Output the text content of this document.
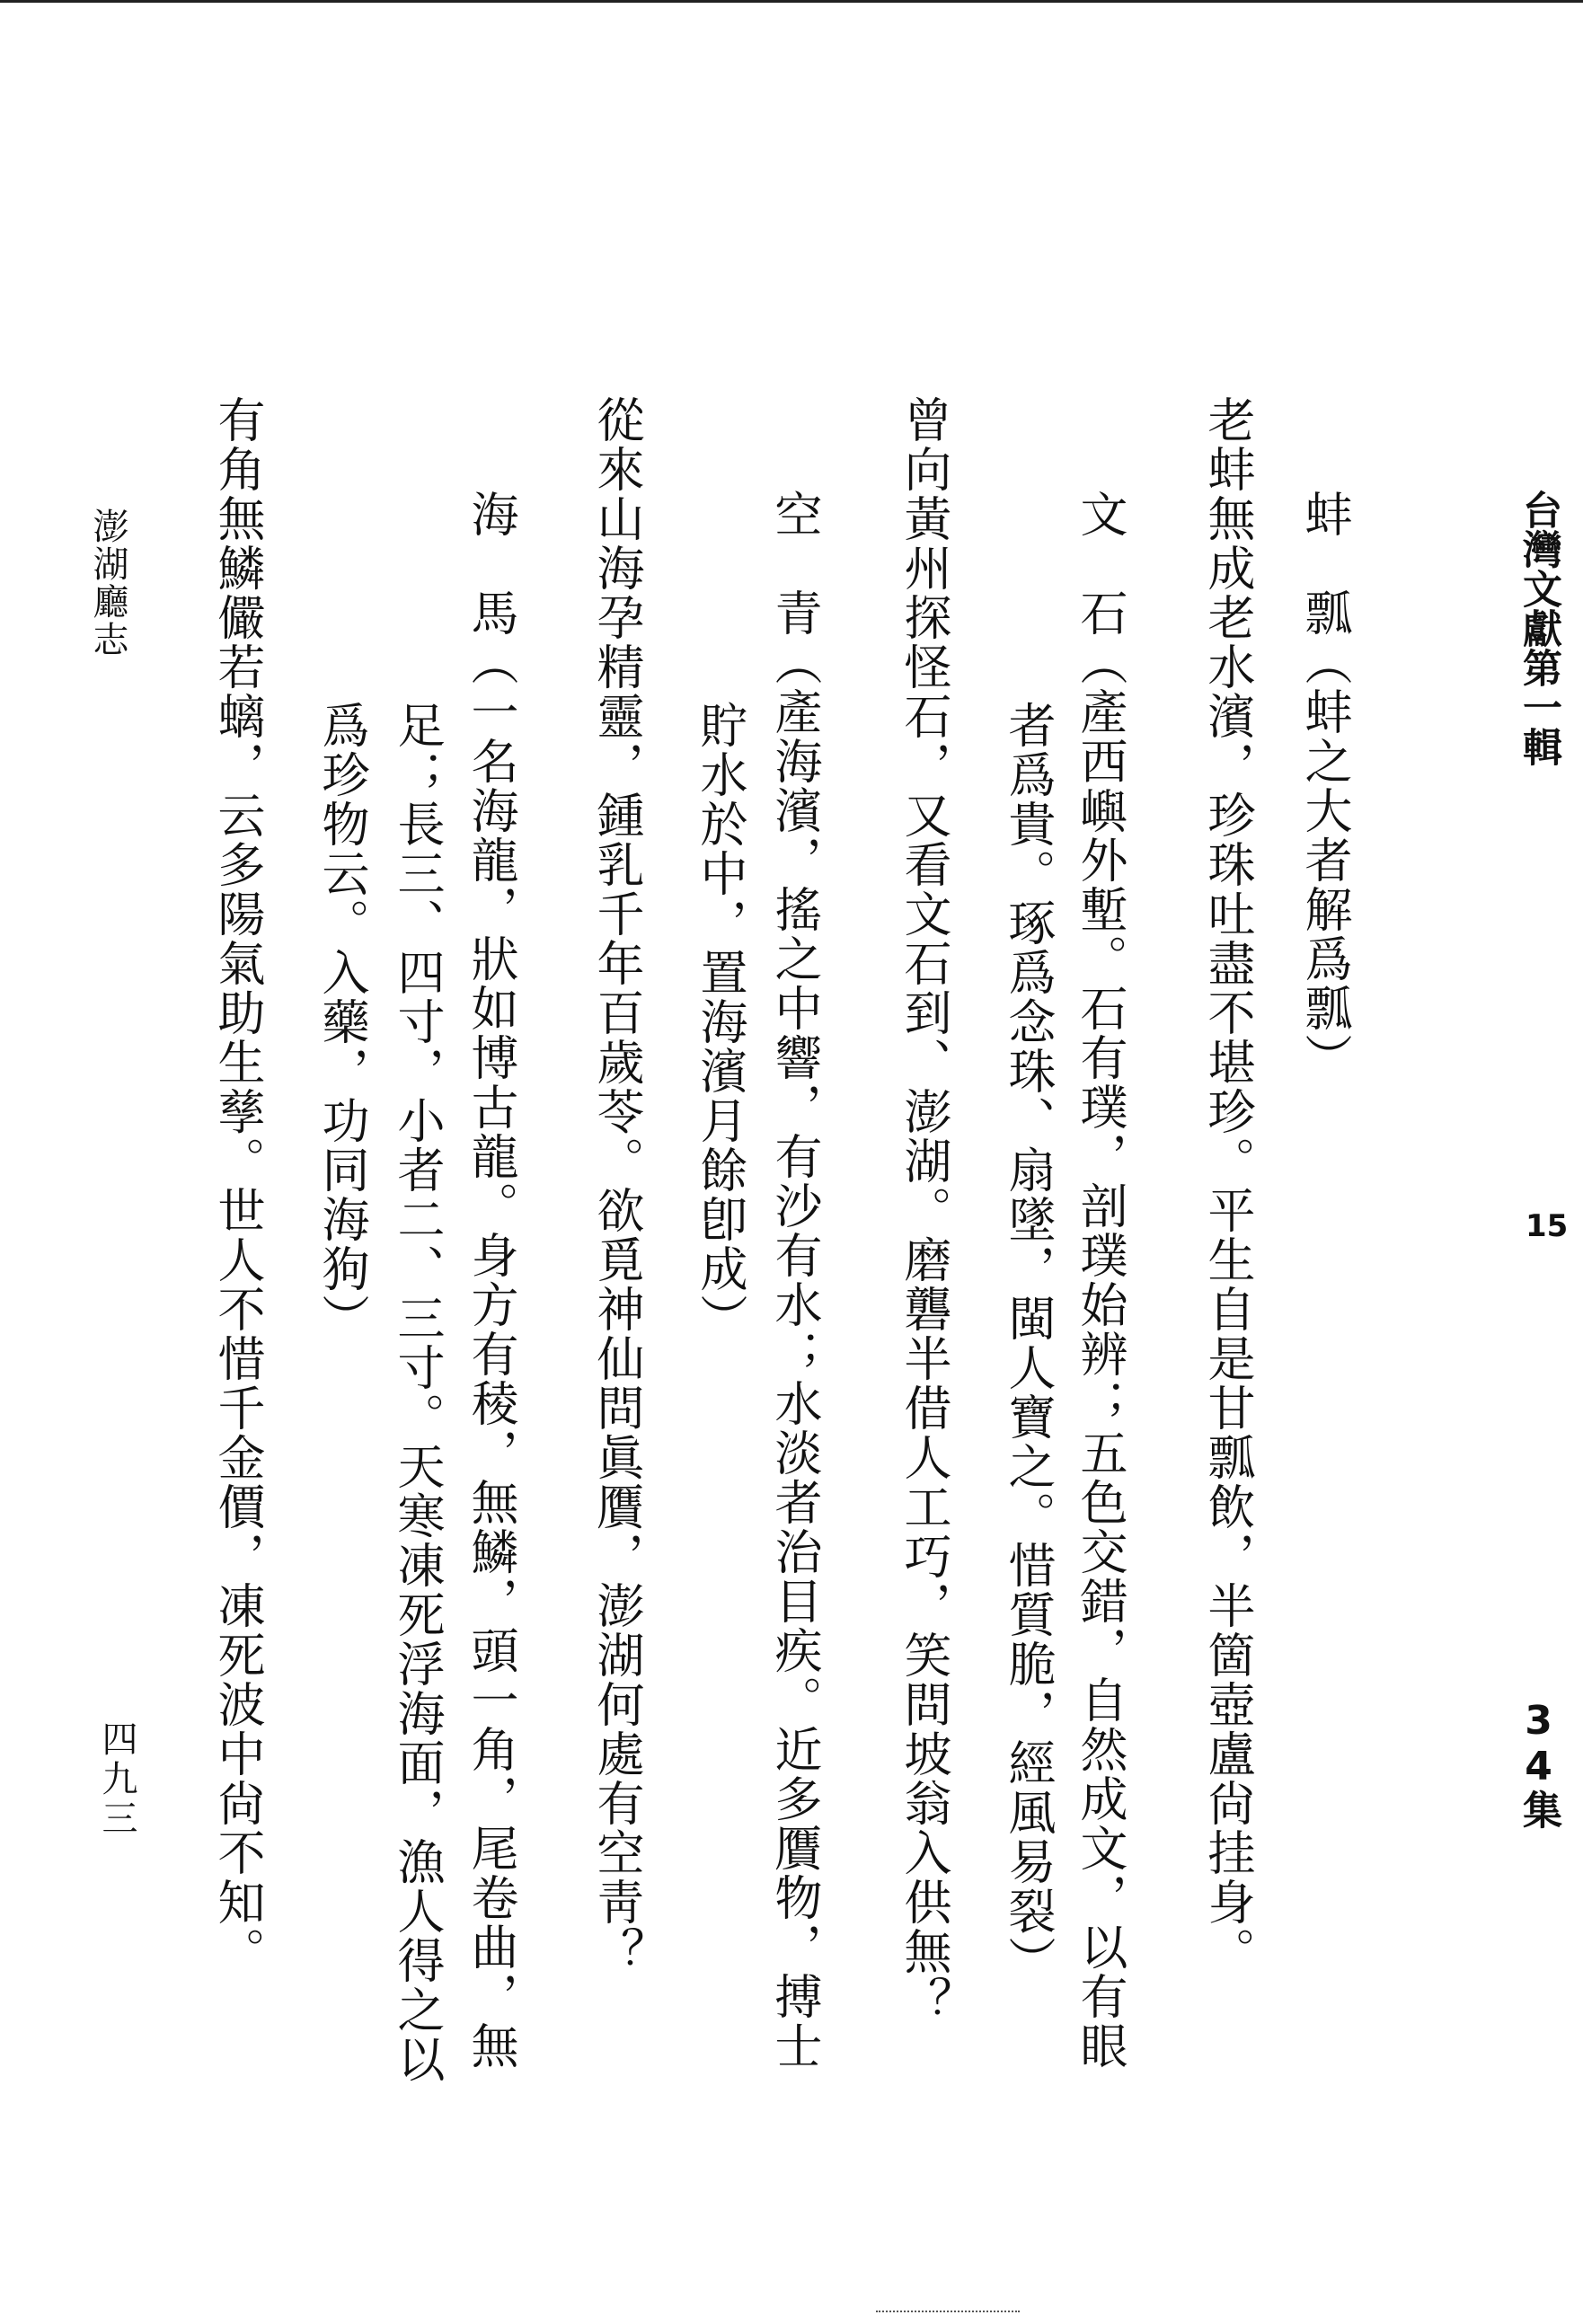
台灣文獻第一輯
15
34集
蚌　瓢（蚌之大者解爲瓢）
老蚌無成老水濱，珍珠吐盡不堪珍。平生自是甘瓢飲，半箇壺盧尙挂身。
文　石（產西嶼外塹。石有璞，剖璞始辨；五色交錯，自然成文，以有眼
者爲貴。琢爲念珠、扇墜，閩人寶之。惜質脆，經風易裂）
曾向黃州探怪石，又看文石到、澎湖。磨礱半借人工巧，笑問坡翁入供無？
空　青（產海濱，搖之中響，有沙有水；水淡者治目疾。近多贋物，搏士
貯水於中，置海濱月餘卽成）
從來山海孕精靈，鍾乳千年百歲苓。欲覓神仙問眞贋，澎湖何處有空靑？
海　馬（一名海龍，狀如博古龍。身方有稜，無鱗，頭一角，尾卷曲，無
足；長三、四寸，小者二、三寸。天寒凍死浮海面，漁人得之以
爲珍物云。入藥，功同海狗）
有角無鱗儼若螭，云多陽氣助生孳。世人不惜千金價，凍死波中尙不知。
澎湖廳志
四九三
